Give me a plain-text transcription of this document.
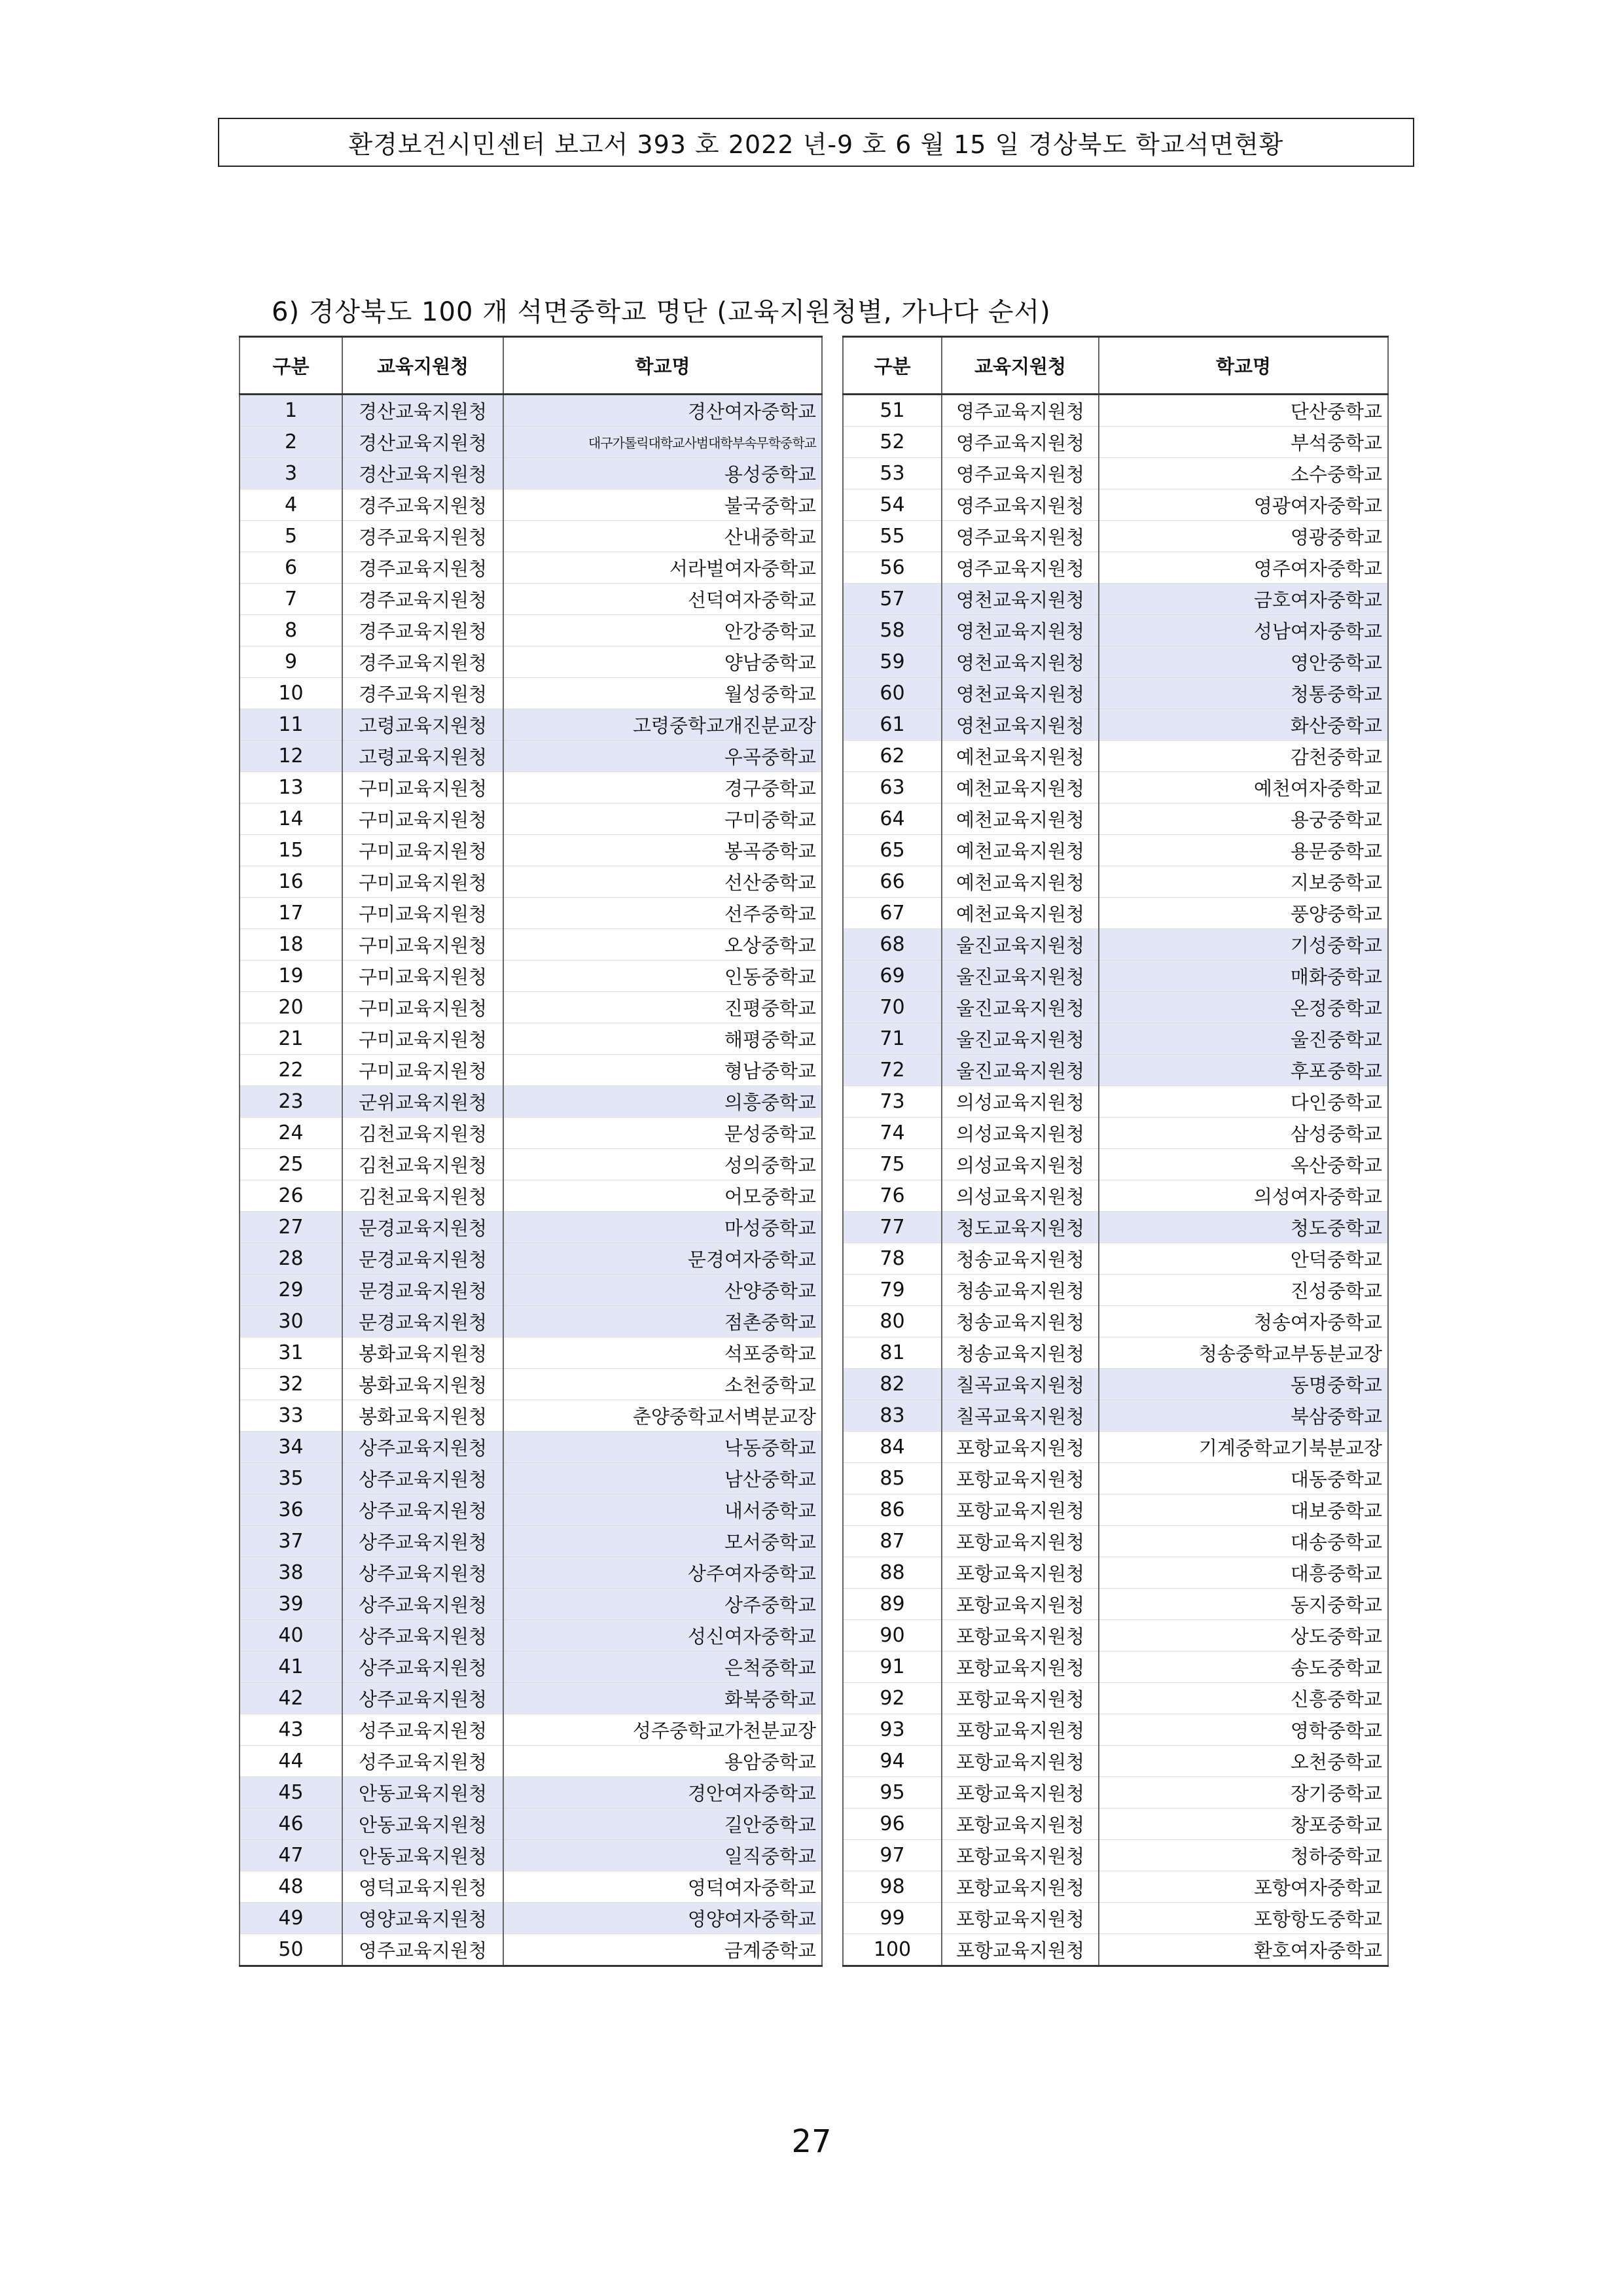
환경보건시민센터 보고서 393 호 2022 년-9 호 6 월 15 일 경상북도 학교석면현황
6) 경상북도 100 개 석면중학교 명단 (교육지원청별, 가나다 순서)
구분	교육지원청	학교명
1	경산교육지원청	경산여자중학교
2	경산교육지원청	대구가톨릭대학교사범대학부속무학중학교
3	경산교육지원청	용성중학교
4	경주교육지원청	불국중학교
5	경주교육지원청	산내중학교
6	경주교육지원청	서라벌여자중학교
7	경주교육지원청	선덕여자중학교
8	경주교육지원청	안강중학교
9	경주교육지원청	양남중학교
10	경주교육지원청	월성중학교
11	고령교육지원청	고령중학교개진분교장
12	고령교육지원청	우곡중학교
13	구미교육지원청	경구중학교
14	구미교육지원청	구미중학교
15	구미교육지원청	봉곡중학교
16	구미교육지원청	선산중학교
17	구미교육지원청	선주중학교
18	구미교육지원청	오상중학교
19	구미교육지원청	인동중학교
20	구미교육지원청	진평중학교
21	구미교육지원청	해평중학교
22	구미교육지원청	형남중학교
23	군위교육지원청	의흥중학교
24	김천교육지원청	문성중학교
25	김천교육지원청	성의중학교
26	김천교육지원청	어모중학교
27	문경교육지원청	마성중학교
28	문경교육지원청	문경여자중학교
29	문경교육지원청	산양중학교
30	문경교육지원청	점촌중학교
31	봉화교육지원청	석포중학교
32	봉화교육지원청	소천중학교
33	봉화교육지원청	춘양중학교서벽분교장
34	상주교육지원청	낙동중학교
35	상주교육지원청	남산중학교
36	상주교육지원청	내서중학교
37	상주교육지원청	모서중학교
38	상주교육지원청	상주여자중학교
39	상주교육지원청	상주중학교
40	상주교육지원청	성신여자중학교
41	상주교육지원청	은척중학교
42	상주교육지원청	화북중학교
43	성주교육지원청	성주중학교가천분교장
44	성주교육지원청	용암중학교
45	안동교육지원청	경안여자중학교
46	안동교육지원청	길안중학교
47	안동교육지원청	일직중학교
48	영덕교육지원청	영덕여자중학교
49	영양교육지원청	영양여자중학교
50	영주교육지원청	금계중학교
구분	교육지원청	학교명
51	영주교육지원청	단산중학교
52	영주교육지원청	부석중학교
53	영주교육지원청	소수중학교
54	영주교육지원청	영광여자중학교
55	영주교육지원청	영광중학교
56	영주교육지원청	영주여자중학교
57	영천교육지원청	금호여자중학교
58	영천교육지원청	성남여자중학교
59	영천교육지원청	영안중학교
60	영천교육지원청	청통중학교
61	영천교육지원청	화산중학교
62	예천교육지원청	감천중학교
63	예천교육지원청	예천여자중학교
64	예천교육지원청	용궁중학교
65	예천교육지원청	용문중학교
66	예천교육지원청	지보중학교
67	예천교육지원청	풍양중학교
68	울진교육지원청	기성중학교
69	울진교육지원청	매화중학교
70	울진교육지원청	온정중학교
71	울진교육지원청	울진중학교
72	울진교육지원청	후포중학교
73	의성교육지원청	다인중학교
74	의성교육지원청	삼성중학교
75	의성교육지원청	옥산중학교
76	의성교육지원청	의성여자중학교
77	청도교육지원청	청도중학교
78	청송교육지원청	안덕중학교
79	청송교육지원청	진성중학교
80	청송교육지원청	청송여자중학교
81	청송교육지원청	청송중학교부동분교장
82	칠곡교육지원청	동명중학교
83	칠곡교육지원청	북삼중학교
84	포항교육지원청	기계중학교기북분교장
85	포항교육지원청	대동중학교
86	포항교육지원청	대보중학교
87	포항교육지원청	대송중학교
88	포항교육지원청	대흥중학교
89	포항교육지원청	동지중학교
90	포항교육지원청	상도중학교
91	포항교육지원청	송도중학교
92	포항교육지원청	신흥중학교
93	포항교육지원청	영학중학교
94	포항교육지원청	오천중학교
95	포항교육지원청	장기중학교
96	포항교육지원청	창포중학교
97	포항교육지원청	청하중학교
98	포항교육지원청	포항여자중학교
99	포항교육지원청	포항항도중학교
100	포항교육지원청	환호여자중학교
27
